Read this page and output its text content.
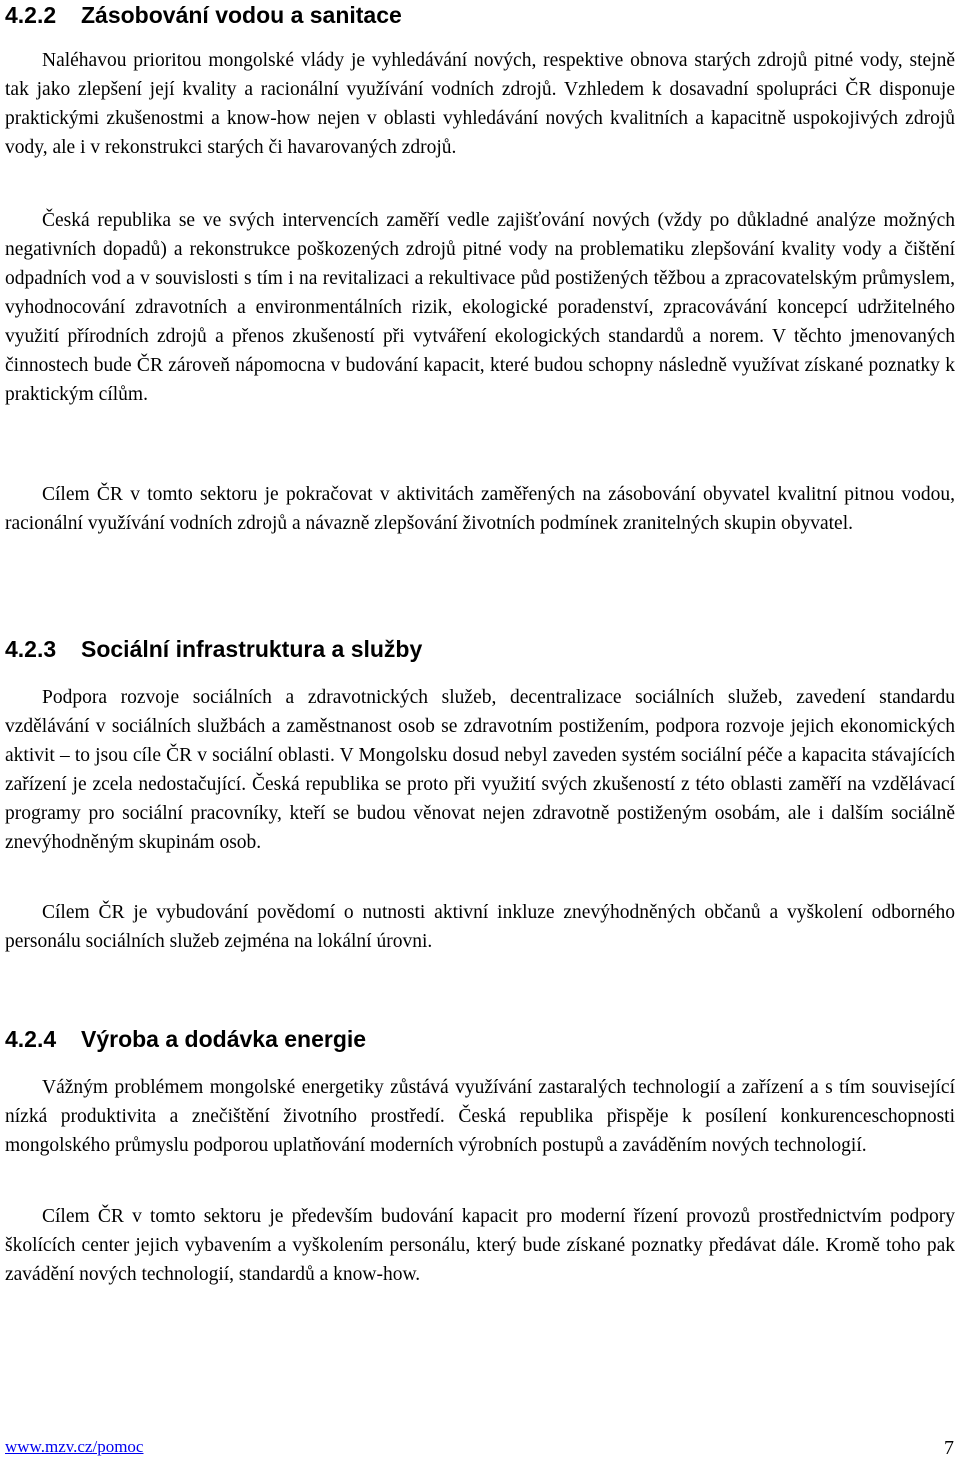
4.2.2 Zásobování vodou a sanitace

Naléhavou prioritou mongolské vlády je vyhledávání nových, respektive obnova starých zdrojů pitné vody, stejně tak jako zlepšení její kvality a racionální využívání vodních zdrojů. Vzhledem k dosavadní spolupráci ČR disponuje praktickými zkušenostmi a know-how nejen v oblasti vyhledávání nových kvalitních a kapacitně uspokojivých zdrojů vody, ale i v rekonstrukci starých či havarovaných zdrojů.

Česká republika se ve svých intervencích zaměří vedle zajišťování nových (vždy po důkladné analýze možných negativních dopadů) a rekonstrukce poškozených zdrojů pitné vody na problematiku zlepšování kvality vody a čištění odpadních vod a v souvislosti s tím i na revitalizaci a rekultivace půd postižených těžbou a zpracovatelským průmyslem, vyhodnocování zdravotních a environmentálních rizik, ekologické poradenství, zpracovávání koncepcí udržitelného využití přírodních zdrojů a přenos zkušeností při vytváření ekologických standardů a norem. V těchto jmenovaných činnostech bude ČR zároveň nápomocna v budování kapacit, které budou schopny následně využívat získané poznatky k praktickým cílům.

Cílem ČR v tomto sektoru je pokračovat v aktivitách zaměřených na zásobování obyvatel kvalitní pitnou vodou, racionální využívání vodních zdrojů a návazně zlepšování životních podmínek zranitelných skupin obyvatel.

4.2.3 Sociální infrastruktura a služby

Podpora rozvoje sociálních a zdravotnických služeb, decentralizace sociálních služeb, zavedení standardu vzdělávání v sociálních službách a zaměstnanost osob se zdravotním postižením, podpora rozvoje jejich ekonomických aktivit – to jsou cíle ČR v sociální oblasti. V Mongolsku dosud nebyl zaveden systém sociální péče a kapacita stávajících zařízení je zcela nedostačující. Česká republika se proto při využití svých zkušeností z této oblasti zaměří na vzdělávací programy pro sociální pracovníky, kteří se budou věnovat nejen zdravotně postiženým osobám, ale i dalším sociálně znevýhodněným skupinám osob.

Cílem ČR je vybudování povědomí o nutnosti aktivní inkluze znevýhodněných občanů a vyškolení odborného personálu sociálních služeb zejména na lokální úrovni.

4.2.4 Výroba a dodávka energie

Vážným problémem mongolské energetiky zůstává využívání zastaralých technologií a zařízení a s tím související nízká produktivita a znečištění životního prostředí. Česká republika přispěje k posílení konkurenceschopnosti mongolského průmyslu podporou uplatňování moderních výrobních postupů a zaváděním nových technologií.

Cílem ČR v tomto sektoru je především budování kapacit pro moderní řízení provozů prostřednictvím podpory školících center jejich vybavením a vyškolením personálu, který bude získané poznatky předávat dále. Kromě toho pak zavádění nových technologií, standardů a know-how.

www.mzv.cz/pomoc	7
